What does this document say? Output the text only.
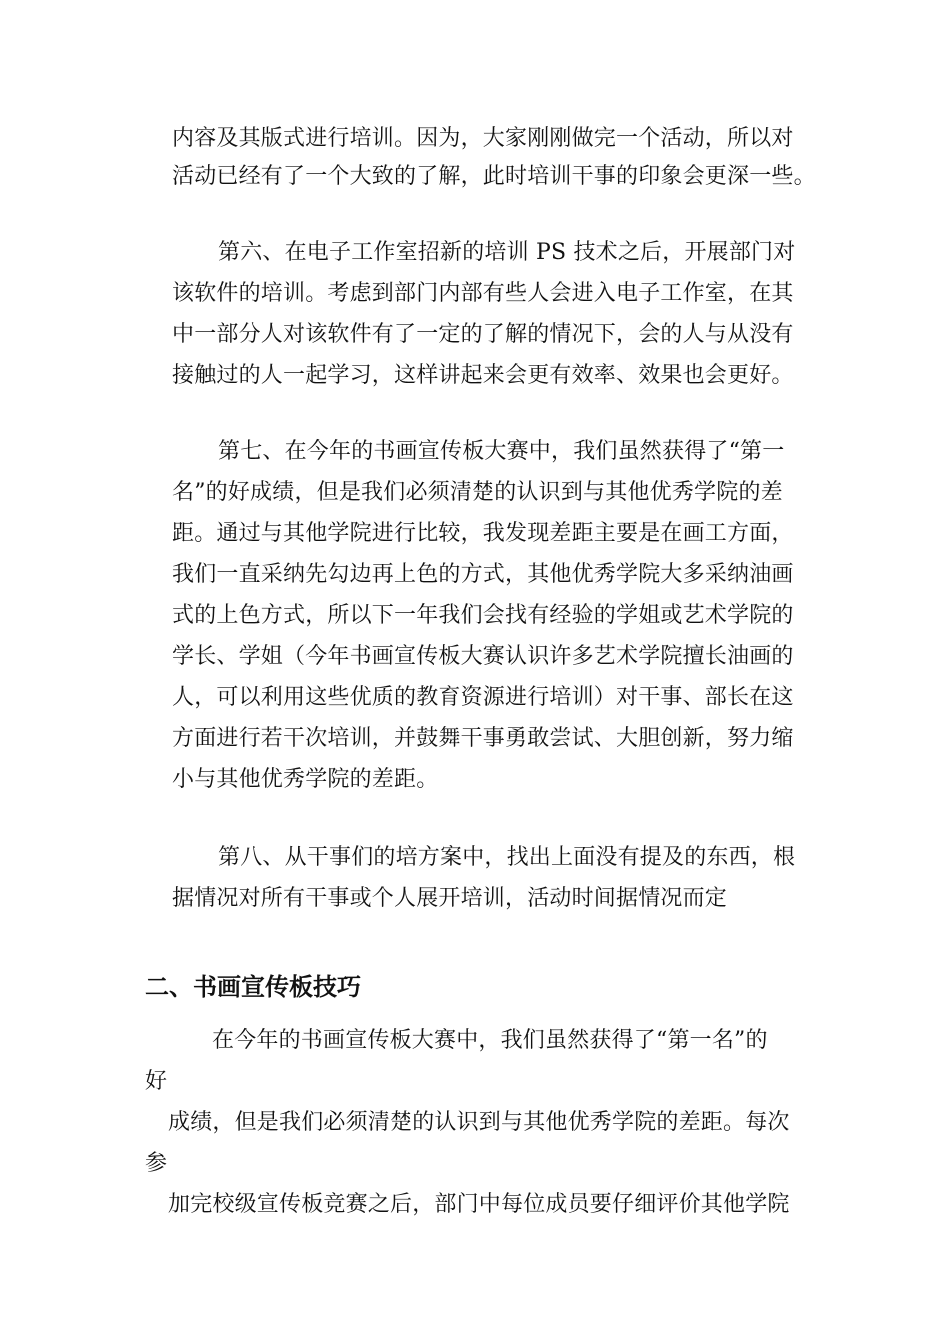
内容及其版式进行培训。因为，大家刚刚做完一个活动，所以对
活动已经有了一个大致的了解，此时培训干事的印象会更深一些。
第六、在电子工作室招新的培训 PS 技术之后，开展部门对
该软件的培训。考虑到部门内部有些人会进入电子工作室，在其
中一部分人对该软件有了一定的了解的情况下，会的人与从没有
接触过的人一起学习，这样讲起来会更有效率、效果也会更好。
第七、在今年的书画宣传板大赛中，我们虽然获得了“第一
名”的好成绩，但是我们必须清楚的认识到与其他优秀学院的差
距。通过与其他学院进行比较，我发现差距主要是在画工方面，
我们一直采纳先勾边再上色的方式，其他优秀学院大多采纳油画
式的上色方式，所以下一年我们会找有经验的学姐或艺术学院的
学长、学姐（今年书画宣传板大赛认识许多艺术学院擅长油画的
人，可以利用这些优质的教育资源进行培训）对干事、部长在这
方面进行若干次培训，并鼓舞干事勇敢尝试、大胆创新，努力缩
小与其他优秀学院的差距。
第八、从干事们的培方案中，找出上面没有提及的东西，根
据情况对所有干事或个人展开培训，活动时间据情况而定
二、书画宣传板技巧
在今年的书画宣传板大赛中，我们虽然获得了“第一名”的
好
成绩，但是我们必须清楚的认识到与其他优秀学院的差距。每次
参
加完校级宣传板竞赛之后，部门中每位成员要仔细评价其他学院
